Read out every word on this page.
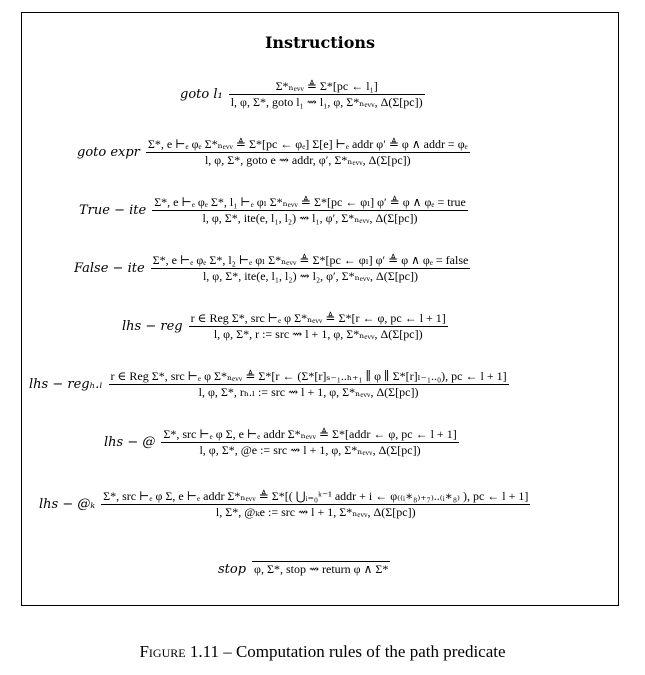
Instructions
goto $l_1 \frac{\text{Σ*ₙₑᵥᵥ ≜ Σ*[pc ← l₁]}}{\text{l, φ, Σ*, goto l₁ ⇝ l₁, φ, Σ*ₙₑᵥᵥ, Δ(Σ[pc])}}$
goto expr
Σ*, e ⊢ₑ φₑ Σ*ₙₑᵥᵥ ≜ Σ*[pc ← φₑ] Σ[e] ⊢ₑ addr φ′ ≜ φ ∧ addr = φₑ
l, φ, Σ*, goto e ⇝ addr, φ′, Σ*ₙₑᵥᵥ, Δ(Σ[pc])
True − ite
Σ*, e ⊢ₑ φₑ Σ*, l₁ ⊢ₑ φₗ Σ*ₙₑᵥᵥ ≜ Σ*[pc ← φₗ] φ′ ≜ φ ∧ φₑ = true
l, φ, Σ*, ite(e, l₁, l₂) ⇝ l₁, φ′, Σ*ₙₑᵥᵥ, Δ(Σ[pc])
False − ite
Σ*, e ⊢ₑ φₑ Σ*, l₂ ⊢ₑ φₗ Σ*ₙₑᵥᵥ ≜ Σ*[pc ← φₗ] φ′ ≜ φ ∧ φₑ = false
l, φ, Σ*, ite(e, l₁, l₂) ⇝ l₂, φ′, Σ*ₙₑᵥᵥ, Δ(Σ[pc])
lhs − reg $\frac{\text{r ∈ Reg Σ*, src ⊢ₑ φ Σ*ₙₑᵥᵥ ≜ Σ*[r ← φ, pc ← l + 1]}}{\text{l, φ, Σ*, r := src ⇝ l + 1, φ, Σ*ₙₑᵥᵥ, Δ(Σ[pc])}}$
lhs − regₕ.ₗ
r ∈ Reg Σ*, src ⊢ₑ φ Σ*ₙₑᵥᵥ ≜ Σ*[r ← (Σ*[r]ₛ₋₁..ₕ₊₁ ∥ φ ∥ Σ*[r]ₗ₋₁..₀), pc ← l + 1]
l, φ, Σ*, rₕ.ₗ := src ⇝ l + 1, φ, Σ*ₙₑᵥᵥ, Δ(Σ[pc])
lhs − @
Σ*, src ⊢ₑ φ Σ, e ⊢ₑ addr Σ*ₙₑᵥᵥ ≜ Σ*[addr ← φ, pc ← l + 1]
l, φ, Σ*, @e := src ⇝ l + 1, φ, Σ*ₙₑᵥᵥ, Δ(Σ[pc])
lhs − @ₖ
Σ*, src ⊢ₑ φ Σ, e ⊢ₑ addr Σ*ₙₑᵥᵥ ≜ Σ*[( ⋃ᵢ₌₀ᵏ⁻¹ addr + i ← φ₍₍ᵢ∗₈₎₊₇₎..₍ᵢ∗₈₎ ), pc ← l + 1]
l, Σ*, @ₖe := src ⇝ l + 1, Σ*ₙₑᵥᵥ, Δ(Σ[pc])
stop φ, Σ*, stop ⇝ return φ ∧ Σ*
Figure 1.11 – Computation rules of the path predicate
